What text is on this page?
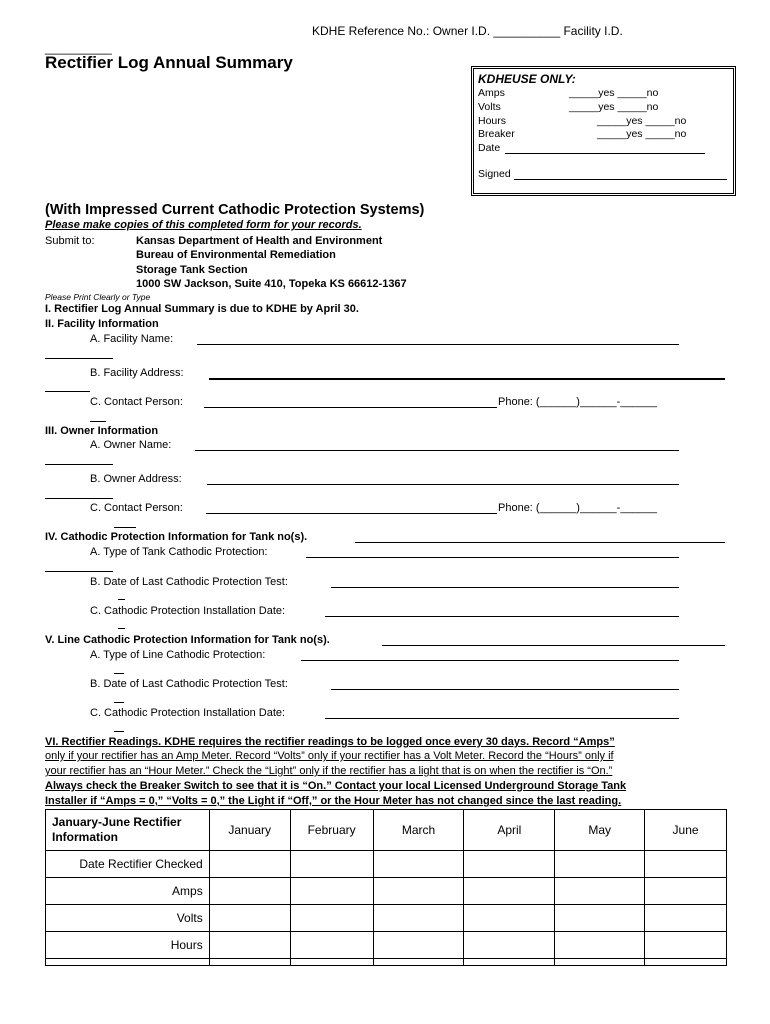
KDHE Reference No.: Owner I.D. __________ Facility I.D.
__________
Rectifier Log Annual Summary
KDHEUSE ONLY:
Amps	_____yes _____no
Volts	_____yes _____no
Hours	_____yes _____no
Breaker	_____yes _____no
Date
Signed
(With Impressed Current Cathodic Protection Systems)
Please make copies of this completed form for your records.
Submit to:	Kansas Department of Health and Environment
Bureau of Environmental Remediation
Storage Tank Section
1000 SW Jackson, Suite 410, Topeka KS 66612-1367
Please Print Clearly or Type
I. Rectifier Log Annual Summary is due to KDHE by April 30.
II. Facility Information
A. Facility Name:
B. Facility Address:
C. Contact Person:	Phone: (______)______-______
III. Owner Information
A. Owner Name:
B. Owner Address:
C. Contact Person:	Phone: (______)______-______
IV. Cathodic Protection Information for Tank no(s).
A. Type of Tank Cathodic Protection:
B. Date of Last Cathodic Protection Test:
C. Cathodic Protection Installation Date:
V. Line Cathodic Protection Information for Tank no(s).
A. Type of Line Cathodic Protection:
B. Date of Last Cathodic Protection Test:
C. Cathodic Protection Installation Date:
VI. Rectifier Readings. KDHE requires the rectifier readings to be logged once every 30 days. Record “Amps”
only if your rectifier has an Amp Meter. Record “Volts” only if your rectifier has a Volt Meter. Record the “Hours” only if
your rectifier has an “Hour Meter.” Check the “Light” only if the rectifier has a light that is on when the rectifier is “On.”
Always check the Breaker Switch to see that it is “On.” Contact your local Licensed Underground Storage Tank
Installer if “Amps = 0,” “Volts = 0,” the Light if “Off,” or the Hour Meter has not changed since the last reading.
January-June Rectifier Information	January	February	March	April	May	June
Date Rectifier Checked						
Amps						
Volts						
Hours						
